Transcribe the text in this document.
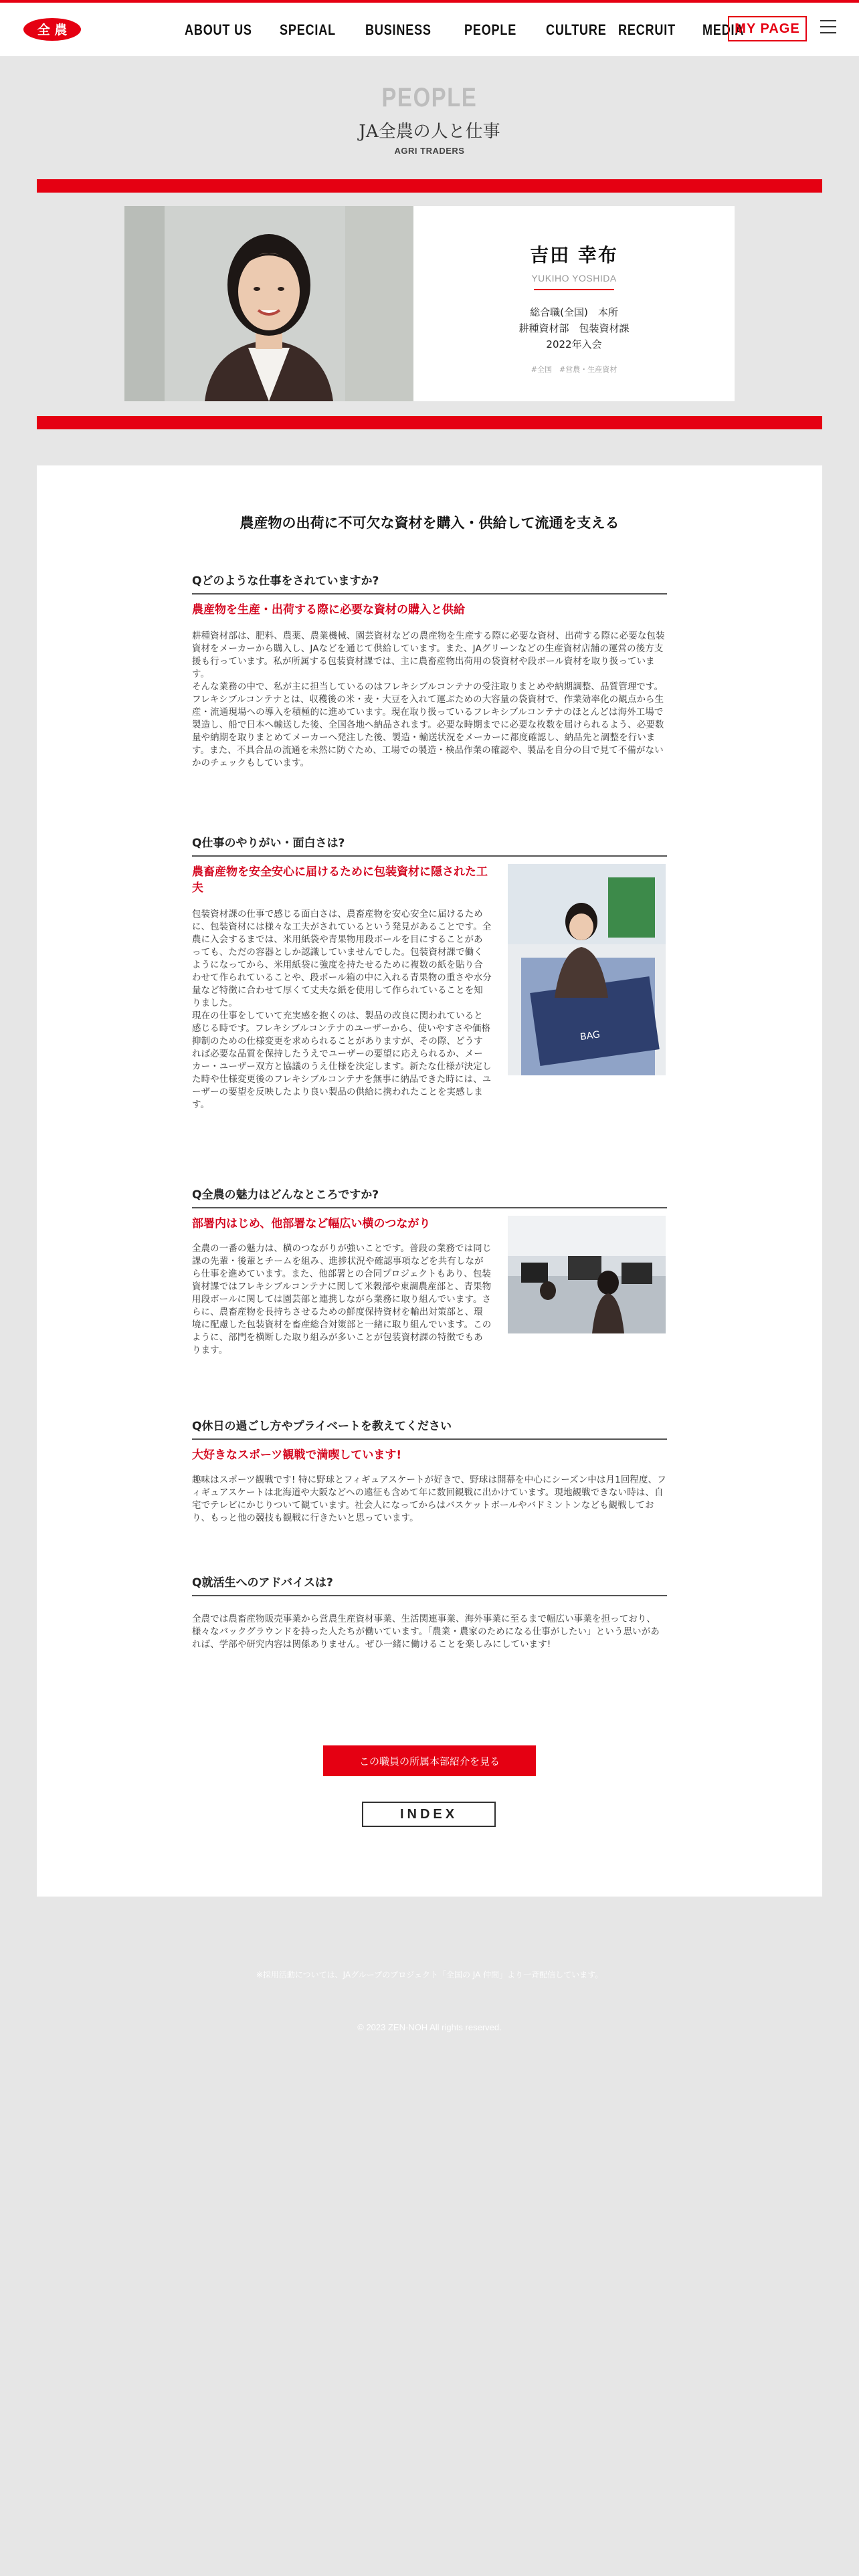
全 農	ABOUT US	SPECIAL	BUSINESS	PEOPLE	CULTURE RECRUIT	MEDIA
MY PAGE
PEOPLE
JA全農の人と仕事
AGRI TRADERS
吉田 幸布
YUKIHO YOSHIDA
総合職(全国)　本所
耕種資材部　包装資材課
2022年入会
#全国　#営農・生産資材
農産物の出荷に不可欠な資材を購入・供給して流通を支える
Qどのような仕事をされていますか?
農産物を生産・出荷する際に必要な資材の購入と供給
耕種資材部は、肥料、農薬、農業機械、園芸資材などの農産物を生産する際に必要な資材、出荷する際に必要な包装資材をメーカーから購入し、JAなどを通じて供給しています。また、JAグリーンなどの生産資材店舗の運営の後方支援も行っています。私が所属する包装資材課では、主に農畜産物出荷用の袋資材や段ボール資材を取り扱っています。
そんな業務の中で、私が主に担当しているのはフレキシブルコンテナの受注取りまとめや納期調整、品質管理です。フレキシブルコンテナとは、収穫後の米・麦・大豆を入れて運ぶための大容量の袋資材で、作業効率化の観点から生産・流通現場への導入を積極的に進めています。現在取り扱っているフレキシブルコンテナのほとんどは海外工場で製造し、船で日本へ輸送した後、全国各地へ納品されます。必要な時期までに必要な枚数を届けられるよう、必要数量や納期を取りまとめてメーカーへ発注した後、製造・輸送状況をメーカーに都度確認し、納品先と調整を行います。また、不具合品の流通を未然に防ぐため、工場での製造・検品作業の確認や、製品を自分の目で見て不備がないかのチェックもしています。
Q仕事のやりがい・面白さは?
農畜産物を安全安心に届けるために包装資材に隠された工夫
包装資材課の仕事で感じる面白さは、農畜産物を安心安全に届けるために、包装資材には様々な工夫がされているという発見があることです。全農に入会するまでは、米用紙袋や青果物用段ボールを目にすることがあっても、ただの容器としか認識していませんでした。包装資材課で働くようになってから、米用紙袋に強度を持たせるために複数の紙を貼り合わせて作られていることや、段ボール箱の中に入れる青果物の重さや水分量など特徴に合わせて厚くて丈夫な紙を使用して作られていることを知りました。
現在の仕事をしていて充実感を抱くのは、製品の改良に関われていると感じる時です。フレキシブルコンテナのユーザーから、使いやすさや価格抑制のための仕様変更を求められることがありますが、その際、どうすれば必要な品質を保持したうえでユーザーの要望に応えられるか、メーカー・ユーザー双方と協議のうえ仕様を決定します。新たな仕様が決定した時や仕様変更後のフレキシブルコンテナを無事に納品できた時には、ユーザーの要望を反映したより良い製品の供給に携われたことを実感します。
BAG
Q全農の魅力はどんなところですか?
部署内はじめ、他部署など幅広い横のつながり
全農の一番の魅力は、横のつながりが強いことです。普段の業務では同じ課の先輩・後輩とチームを組み、進捗状況や確認事項などを共有しながら仕事を進めています。また、他部署との合同プロジェクトもあり、包装資材課ではフレキシブルコンテナに関して米穀部や東調農産部と、青果物用段ボールに関しては園芸部と連携しながら業務に取り組んでいます。さらに、農畜産物を長持ちさせるための鮮度保持資材を輸出対策部と、環境に配慮した包装資材を畜産総合対策部と一緒に取り組んでいます。このように、部門を横断した取り組みが多いことが包装資材課の特徴でもあります。
Q休日の過ごし方やプライベートを教えてください
大好きなスポーツ観戦で満喫しています!
趣味はスポーツ観戦です! 特に野球とフィギュアスケートが好きで、野球は開幕を中心にシーズン中は月1回程度、フィギュアスケートは北海道や大阪などへの遠征も含めて年に数回観戦に出かけています。現地観戦できない時は、自宅でテレビにかじりついて観ています。社会人になってからはバスケットボールやバドミントンなども観戦しており、もっと他の競技も観戦に行きたいと思っています。
Q就活生へのアドバイスは?
全農では農畜産物販売事業から営農生産資材事業、生活関連事業、海外事業に至るまで幅広い事業を担っており、様々なバックグラウンドを持った人たちが働いています。「農業・農家のためになる仕事がしたい」という思いがあれば、学部や研究内容は関係ありません。ぜひ一緒に働けることを楽しみにしています!
この職員の所属本部紹介を見る
INDEX
※採用活動については、JAグループのプロジェクト「全国の JA 仲間」より一斉配信しています。
© 2023 ZEN-NOH All rights reserved.
